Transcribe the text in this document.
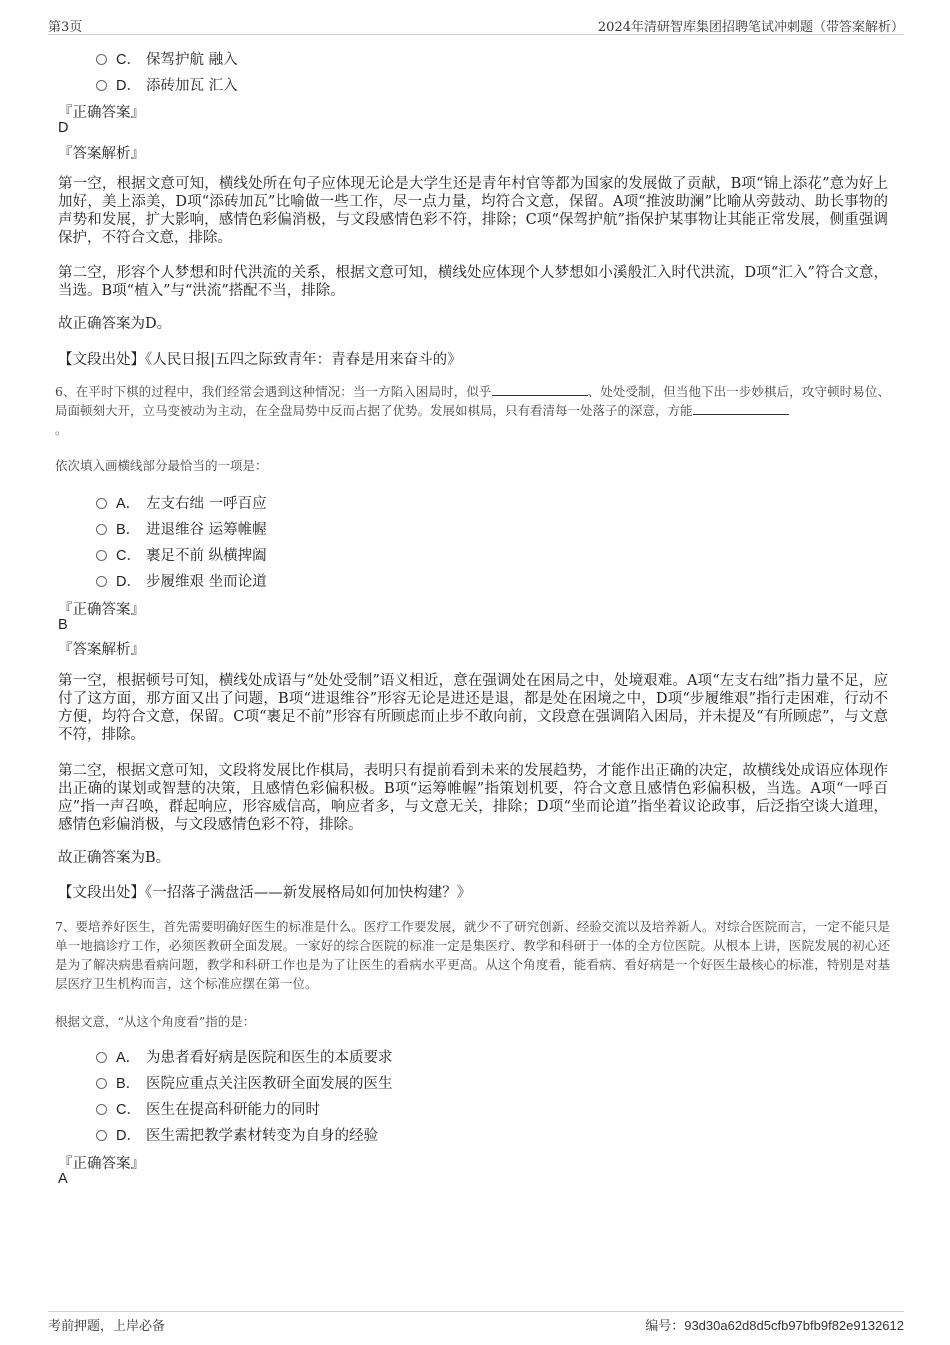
第3页	2024年清研智库集团招聘笔试冲刺题（带答案解析）
C． 保驾护航 融入
D． 添砖加瓦 汇入
『正确答案』
D
『答案解析』
第一空，根据文意可知，横线处所在句子应体现无论是大学生还是青年村官等都为国家的发展做了贡献，B项“锦上添花”意为好上加好，美上添美，D项“添砖加瓦”比喻做一些工作，尽一点力量，均符合文意，保留。A项“推波助澜”比喻从旁鼓动、助长事物的声势和发展，扩大影响，感情色彩偏消极，与文段感情色彩不符，排除；C项“保驾护航”指保护某事物让其能正常发展，侧重强调保护，不符合文意，排除。
第二空，形容个人梦想和时代洪流的关系，根据文意可知，横线处应体现个人梦想如小溪般汇入时代洪流，D项“汇入”符合文意，当选。B项“植入”与“洪流”搭配不当，排除。
故正确答案为D。
【文段出处】《人民日报|五四之际致青年：青春是用来奋斗的》
6、在平时下棋的过程中，我们经常会遇到这种情况：当一方陷入困局时，似乎	、处处受制，但当他下出一步妙棋后，攻守顿时易位、局面顿刻大开，立马变被动为主动，在全盘局势中反而占据了优势。发展如棋局，只有看清每一处落子的深意，方能
。
依次填入画横线部分最恰当的一项是：
A． 左支右绌 一呼百应
B． 进退维谷 运筹帷幄
C． 裹足不前 纵横捭阖
D． 步履维艰 坐而论道
『正确答案』
B
『答案解析』
第一空，根据顿号可知，横线处成语与“处处受制”语义相近，意在强调处在困局之中，处境艰难。A项“左支右绌”指力量不足，应付了这方面，那方面又出了问题，B项“进退维谷”形容无论是进还是退，都是处在困境之中，D项“步履维艰”指行走困难，行动不方便，均符合文意，保留。C项“裹足不前”形容有所顾虑而止步不敢向前，文段意在强调陷入困局，并未提及“有所顾虑”，与文意不符，排除。
第二空，根据文意可知，文段将发展比作棋局，表明只有提前看到未来的发展趋势，才能作出正确的决定，故横线处成语应体现作出正确的谋划或智慧的决策，且感情色彩偏积极。B项“运筹帷幄”指策划机要，符合文意且感情色彩偏积极，当选。A项“一呼百应”指一声召唤，群起响应，形容威信高，响应者多，与文意无关，排除；D项“坐而论道”指坐着议论政事，后泛指空谈大道理，感情色彩偏消极，与文段感情色彩不符，排除。
故正确答案为B。
【文段出处】《一招落子满盘活——新发展格局如何加快构建？》
7、要培养好医生，首先需要明确好医生的标准是什么。医疗工作要发展，就少不了研究创新、经验交流以及培养新人。对综合医院而言，一定不能只是单一地搞诊疗工作，必须医教研全面发展。一家好的综合医院的标准一定是集医疗、教学和科研于一体的全方位医院。从根本上讲，医院发展的初心还是为了解决病患看病问题，教学和科研工作也是为了让医生的看病水平更高。从这个角度看，能看病、看好病是一个好医生最核心的标准，特别是对基层医疗卫生机构而言，这个标准应摆在第一位。
根据文意，“从这个角度看”指的是：
A． 为患者看好病是医院和医生的本质要求
B． 医院应重点关注医教研全面发展的医生
C． 医生在提高科研能力的同时
D． 医生需把教学素材转变为自身的经验
『正确答案』
A
考前押题，上岸必备	编号：93d30a62d8d5cfb97bfb9f82e9132612
